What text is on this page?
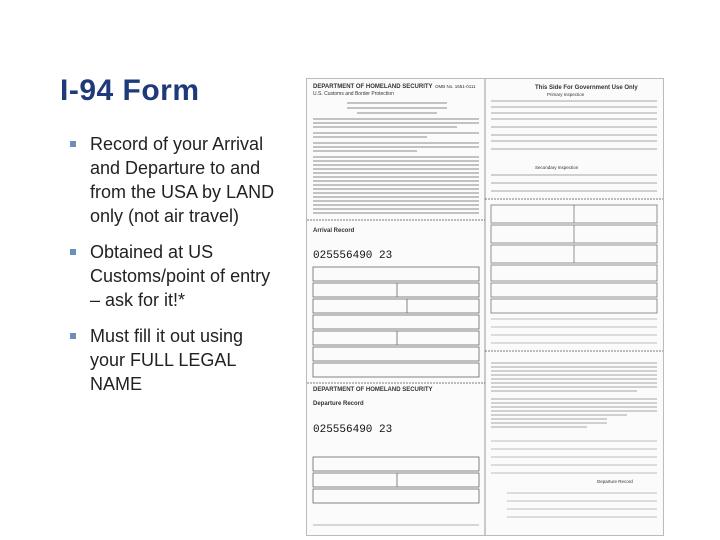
I-94 Form
Record of your Arrival and Departure to and from the USA by LAND only (not air travel)
Obtained at US Customs/point of entry – ask for it!*
Must fill it out using your FULL LEGAL NAME
DEPARTMENT OF HOMELAND SECURITY
U.S. Customs and Border Protection
OMB No. 1651-0111
Arrival Record
025556490 23
DEPARTMENT OF HOMELAND SECURITY
Departure Record
025556490 23
This Side For Government Use Only
Primary Inspection
Secondary Inspection
Departure Record
